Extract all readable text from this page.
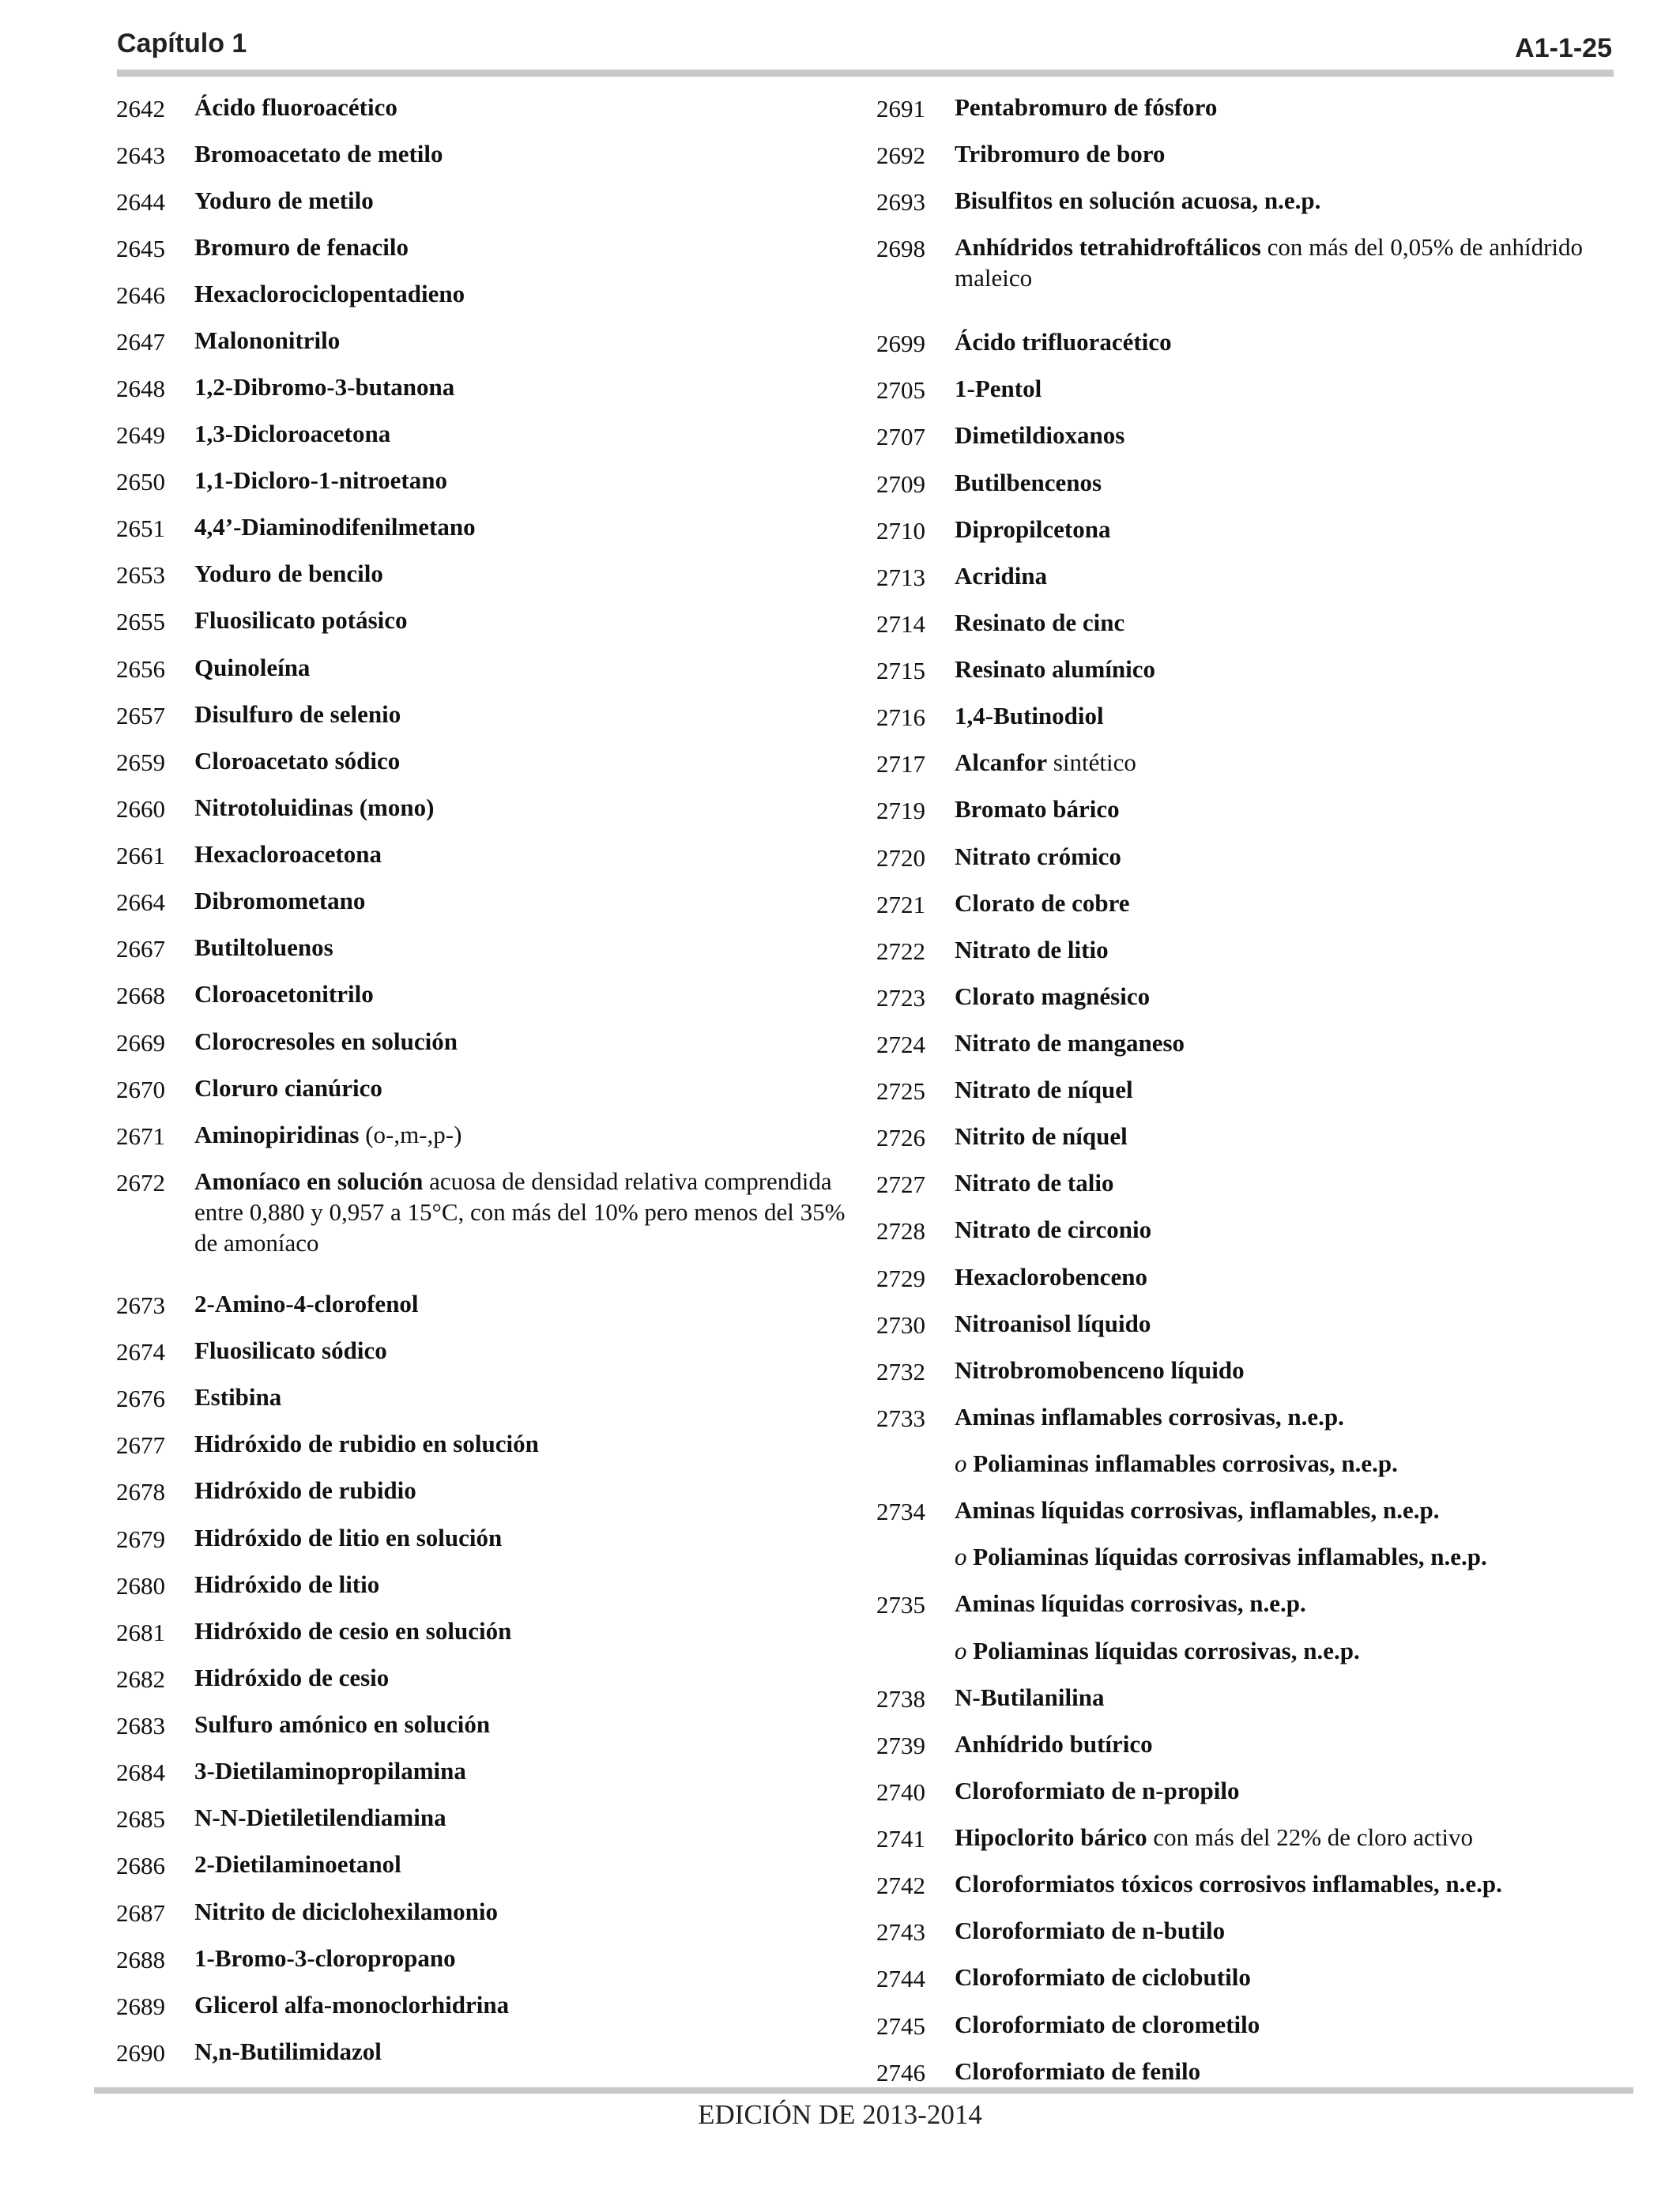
Capítulo 1	A1-1-25
2642	Ácido fluoroacético
2643	Bromoacetato de metilo
2644	Yoduro de metilo
2645	Bromuro de fenacilo
2646	Hexaclorociclopentadieno
2647	Malononitrilo
2648	1,2-Dibromo-3-butanona
2649	1,3-Dicloroacetona
2650	1,1-Dicloro-1-nitroetano
2651	4,4’-Diaminodifenilmetano
2653	Yoduro de bencilo
2655	Fluosilicato potásico
2656	Quinoleína
2657	Disulfuro de selenio
2659	Cloroacetato sódico
2660	Nitrotoluidinas (mono)
2661	Hexacloroacetona
2664	Dibromometano
2667	Butiltoluenos
2668	Cloroacetonitrilo
2669	Clorocresoles en solución
2670	Cloruro cianúrico
2671	Aminopiridinas (o-,m-,p-)
2672	Amoníaco en solución acuosa de densidad relativa comprendida entre 0,880 y 0,957 a 15°C, con más del 10% pero menos del 35% de amoníaco
2673	2-Amino-4-clorofenol
2674	Fluosilicato sódico
2676	Estibina
2677	Hidróxido de rubidio en solución
2678	Hidróxido de rubidio
2679	Hidróxido de litio en solución
2680	Hidróxido de litio
2681	Hidróxido de cesio en solución
2682	Hidróxido de cesio
2683	Sulfuro amónico en solución
2684	3-Dietilaminopropilamina
2685	N-N-Dietiletilendiamina
2686	2-Dietilaminoetanol
2687	Nitrito de diciclohexilamonio
2688	1-Bromo-3-cloropropano
2689	Glicerol alfa-monoclorhidrina
2690	N,n-Butilimidazol
2691	Pentabromuro de fósforo
2692	Tribromuro de boro
2693	Bisulfitos en solución acuosa, n.e.p.
2698	Anhídridos tetrahidroftálicos con más del 0,05% de anhídrido maleico
2699	Ácido trifluoracético
2705	1-Pentol
2707	Dimetildioxanos
2709	Butilbencenos
2710	Dipropilcetona
2713	Acridina
2714	Resinato de cinc
2715	Resinato alumínico
2716	1,4-Butinodiol
2717	Alcanfor sintético
2719	Bromato bárico
2720	Nitrato crómico
2721	Clorato de cobre
2722	Nitrato de litio
2723	Clorato magnésico
2724	Nitrato de manganeso
2725	Nitrato de níquel
2726	Nitrito de níquel
2727	Nitrato de talio
2728	Nitrato de circonio
2729	Hexaclorobenceno
2730	Nitroanisol líquido
2732	Nitrobromobenceno líquido
2733	Aminas inflamables corrosivas, n.e.p.
o Poliaminas inflamables corrosivas, n.e.p.
2734	Aminas líquidas corrosivas, inflamables, n.e.p.
o Poliaminas líquidas corrosivas inflamables, n.e.p.
2735	Aminas líquidas corrosivas, n.e.p.
o Poliaminas líquidas corrosivas, n.e.p.
2738	N-Butilanilina
2739	Anhídrido butírico
2740	Cloroformiato de n-propilo
2741	Hipoclorito bárico con más del 22% de cloro activo
2742	Cloroformiatos tóxicos corrosivos inflamables, n.e.p.
2743	Cloroformiato de n-butilo
2744	Cloroformiato de ciclobutilo
2745	Cloroformiato de clorometilo
2746	Cloroformiato de fenilo
EDICIÓN DE 2013-2014
